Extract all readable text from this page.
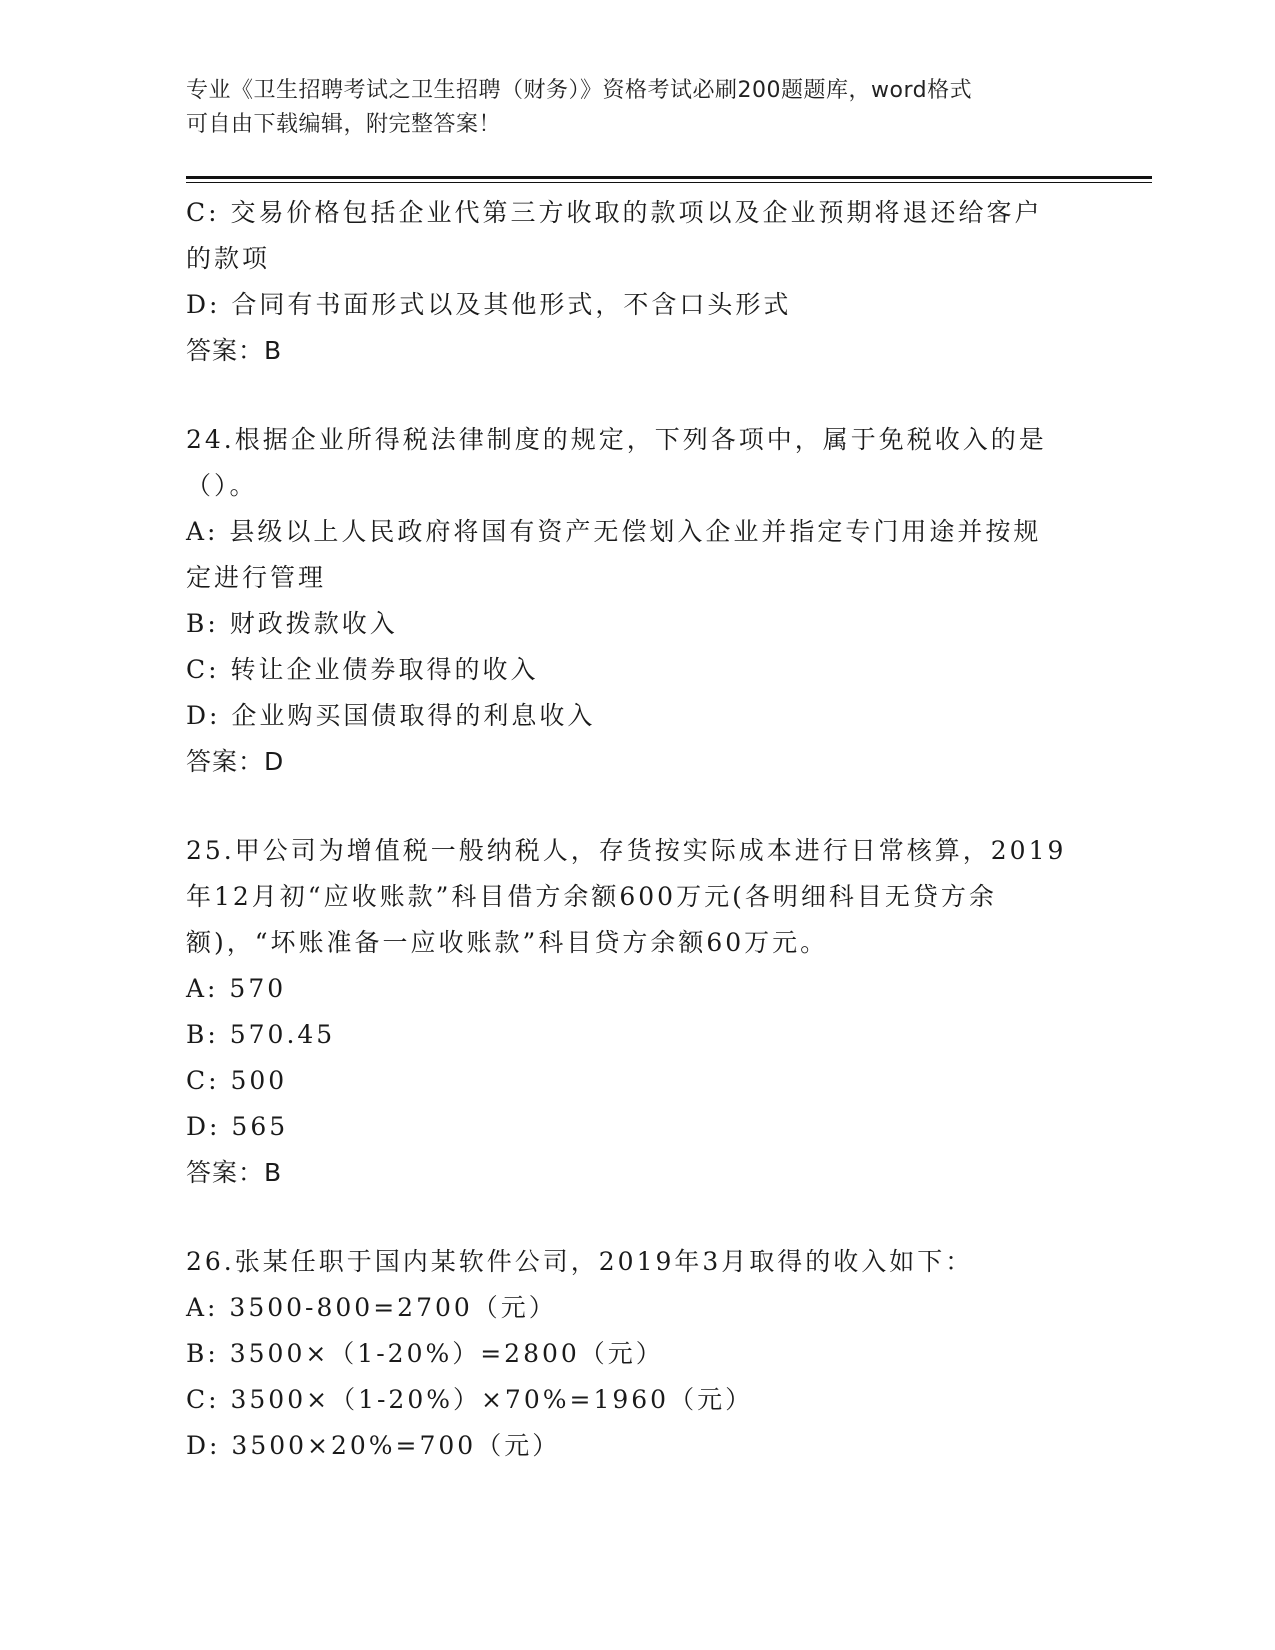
专业《卫生招聘考试之卫生招聘（财务）》资格考试必刷200题题库，word格式
可自由下载编辑，附完整答案！
C: 交易价格包括企业代第三方收取的款项以及企业预期将退还给客户
的款项
D: 合同有书面形式以及其他形式，不含口头形式
答案：B
24.根据企业所得税法律制度的规定，下列各项中，属于免税收入的是
（）。
A: 县级以上人民政府将国有资产无偿划入企业并指定专门用途并按规
定进行管理
B: 财政拨款收入
C: 转让企业债券取得的收入
D: 企业购买国债取得的利息收入
答案：D
25.甲公司为增值税一般纳税人，存货按实际成本进行日常核算，2019
年12月初“应收账款”科目借方余额600万元(各明细科目无贷方余
额)，“坏账准备一应收账款”科目贷方余额60万元。
A: 570
B: 570.45
C: 500
D: 565
答案：B
26.张某任职于国内某软件公司，2019年3月取得的收入如下：
A: 3500-800=2700（元）
B: 3500×（1-20%）=2800（元）
C: 3500×（1-20%）×70%=1960（元）
D: 3500×20%=700（元）
